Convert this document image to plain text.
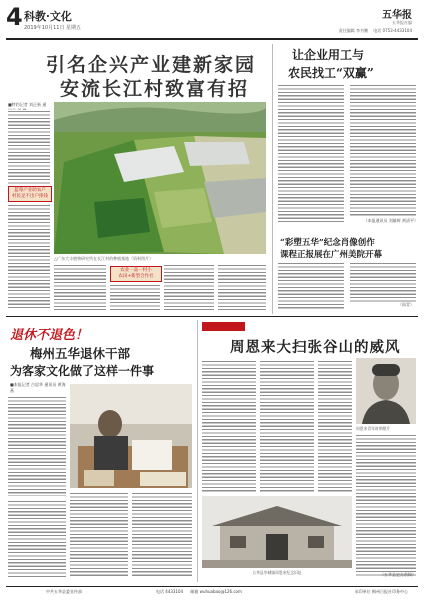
4 科教·文化
2019年10月11日 星期五
五华报
五华报社编
责任编辑 李书鹏 电话 0753-4433104
引名企兴产业建新家园
安流长江村致富有招
■特约记者 刘正新 通
蓝莓产业助农户
村民足不出户挣钱
△广东大丰植物研究所在长江村的种植基地（资料图片）
农业一品一村小
农田+新型合作社
让企业用工与
农民找工“双赢”
（本报通讯员 刘雄辉 黄清平）
“彩塑五华”纪念肖像创作
课程正报展在广州美院开幕
（雨青）
退休不退色！
梅州五华退休干部
为客家文化做了这样一件事
■本报记者 古思华 通讯员 黄海燕
红色足迹“抢救”
周恩来大扫张谷山的威风
周恩来青年时期照片
五华县华城镇周恩来纪念旧址	（五华县史办供稿）
中共五华县委宣传部	电话 4433104 邮箱 wuhuabao@126.com	承印单位 梅州日报社印务中心
